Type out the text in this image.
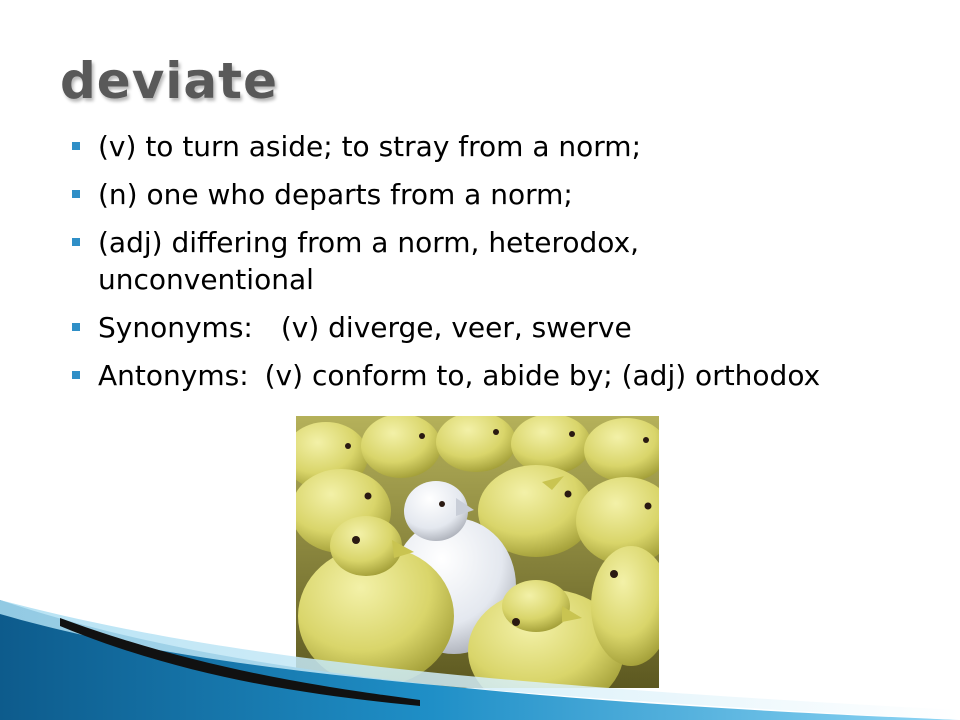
deviate
(v) to turn aside; to stray from a norm;
(n) one who departs from a norm;
(adj) differing from a norm, heterodox, unconventional
Synonyms: (v) diverge, veer, swerve
Antonyms: (v) conform to, abide by; (adj) orthodox
